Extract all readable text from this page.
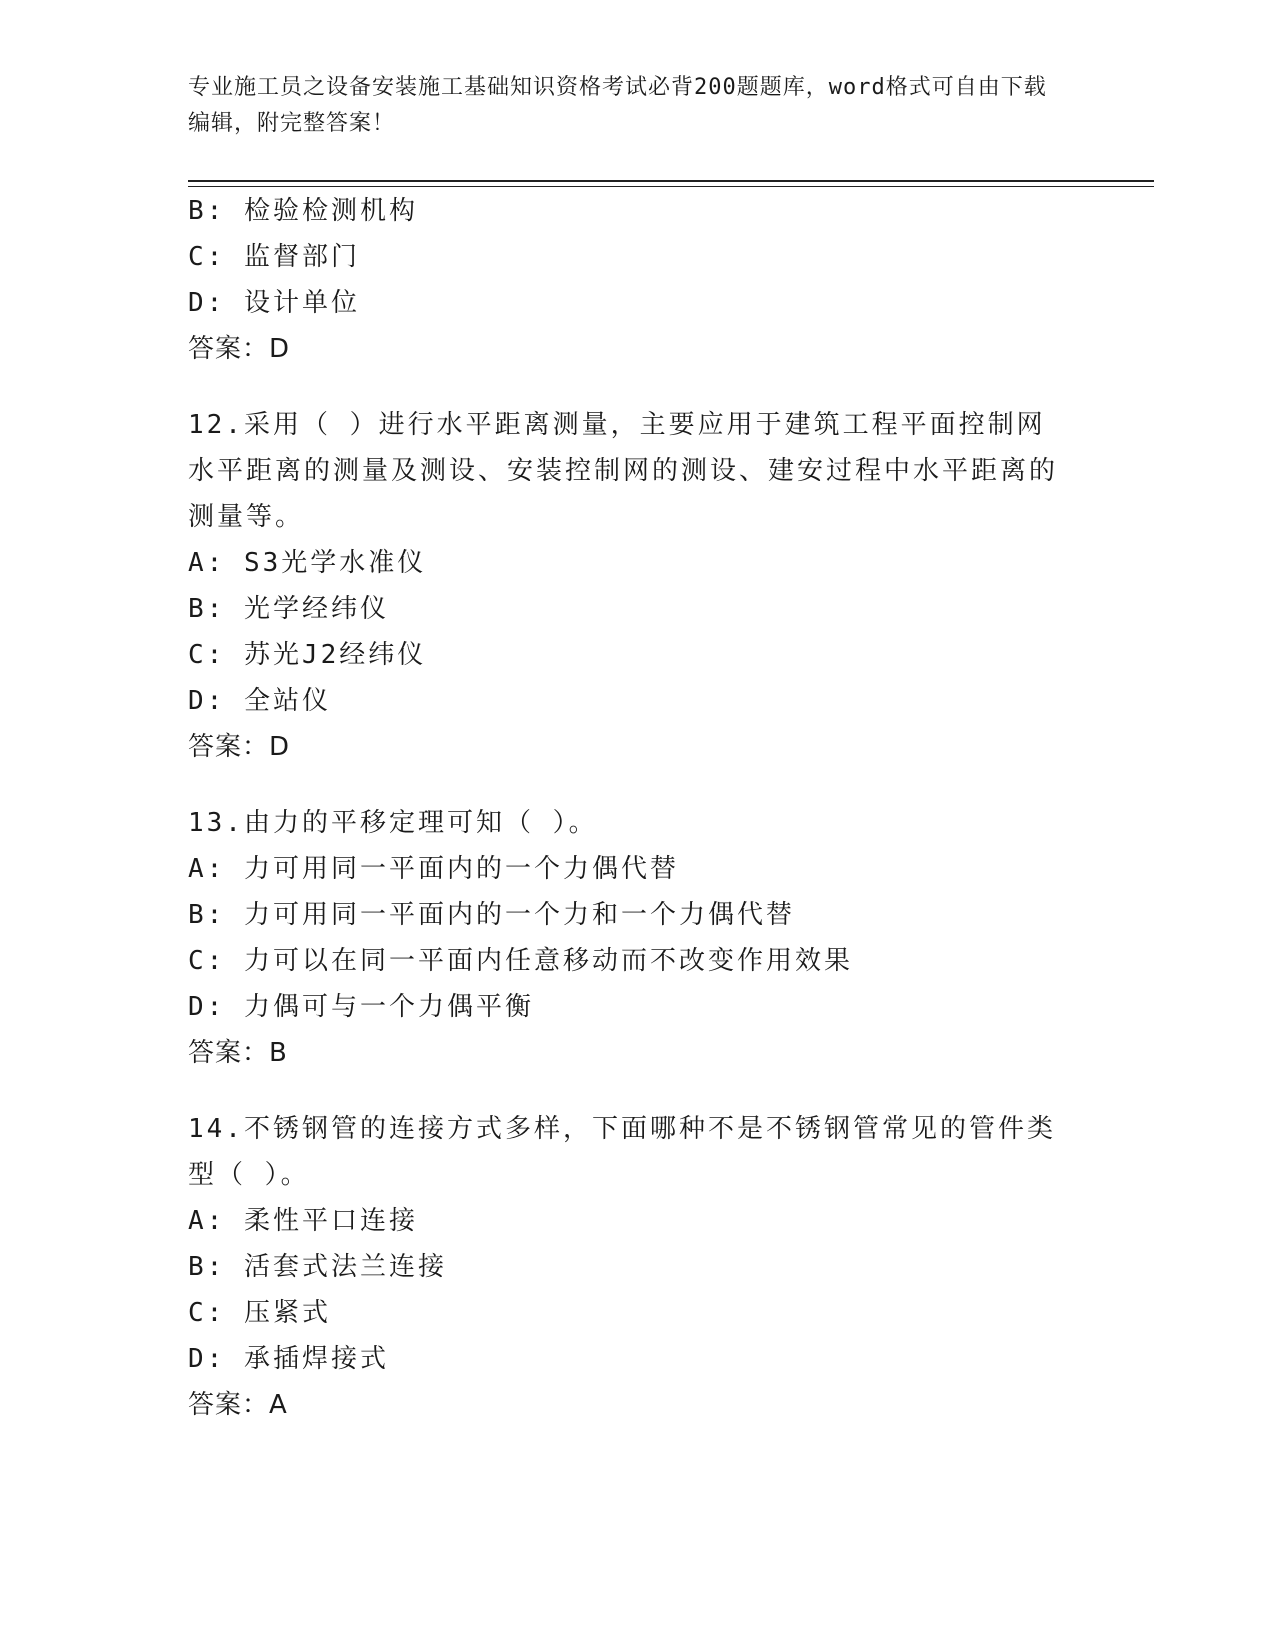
专业施工员之设备安装施工基础知识资格考试必背200题题库，word格式可自由下载编辑，附完整答案！
B: 检验检测机构
C: 监督部门
D: 设计单位
答案：D
12.采用（ ）进行水平距离测量，主要应用于建筑工程平面控制网水平距离的测量及测设、安装控制网的测设、建安过程中水平距离的测量等。
A: S3光学水准仪
B: 光学经纬仪
C: 苏光J2经纬仪
D: 全站仪
答案：D
13.由力的平移定理可知（ ）。
A: 力可用同一平面内的一个力偶代替
B: 力可用同一平面内的一个力和一个力偶代替
C: 力可以在同一平面内任意移动而不改变作用效果
D: 力偶可与一个力偶平衡
答案：B
14.不锈钢管的连接方式多样，下面哪种不是不锈钢管常见的管件类型（ ）。
A: 柔性平口连接
B: 活套式法兰连接
C: 压紧式
D: 承插焊接式
答案：A
